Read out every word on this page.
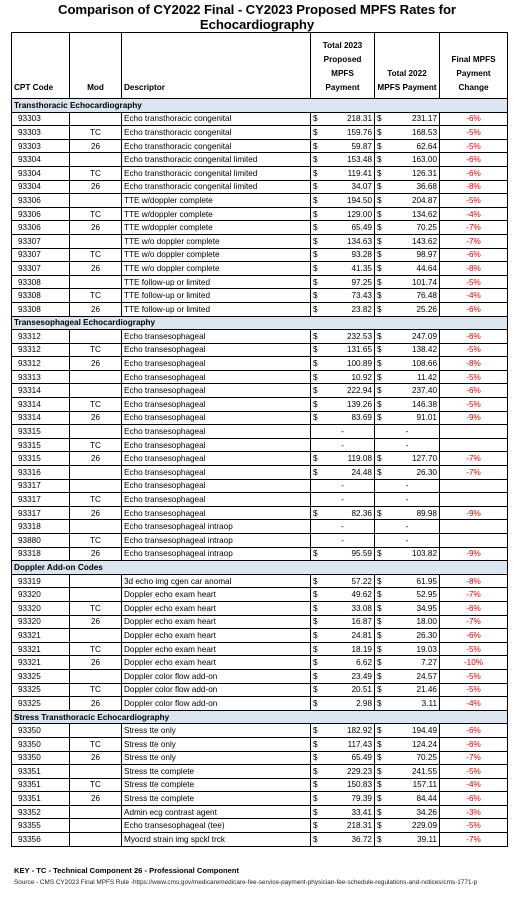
Comparison of CY2022 Final - CY2023 Proposed MPFS Rates for Echocardiography
CPT Code	Mod	Descriptor	Total 2023 Proposed MPFS Payment	Total 2022 MPFS Payment	Final MPFS Payment Change
Transthoracic Echocardiography					
93303		Echo transthoracic congenital	$ 218.31	$ 231.17	-6%
93303	TC	Echo transthoracic congenital	$ 159.76	$ 168.53	-5%
93303	26	Echo transthoracic congenital	$ 59.87	$ 62.64	-5%
93304		Echo transthoracic congenital limited	$ 153.48	$ 163.00	-6%
93304	TC	Echo transthoracic congenital limited	$ 119.41	$ 126.31	-6%
93304	26	Echo transthoracic congenital limited	$ 34.07	$ 36.68	-8%
93306		TTE w/doppler complete	$ 194.50	$ 204.87	-5%
93306	TC	TTE w/doppler complete	$ 129.00	$ 134.62	-4%
93306	26	TTE w/doppler complete	$ 65.49	$ 70.25	-7%
93307		TTE w/o doppler complete	$ 134.63	$ 143.62	-7%
93307	TC	TTE w/o doppler complete	$ 93.28	$ 98.97	-6%
93307	26	TTE w/o doppler complete	$ 41.35	$ 44.64	-8%
93308		TTE follow-up or limited	$ 97.25	$ 101.74	-5%
93308	TC	TTE follow-up or limited	$ 73.43	$ 76.48	-4%
93308	26	TTE follow-up or limited	$ 23.82	$ 25.26	-6%
Transesophageal Echocardiography					
93312		Echo transesophageal	$ 232.53	$ 247.09	-6%
93312	TC	Echo transesophageal	$ 131.65	$ 138.42	-5%
93312	26	Echo transesophageal	$ 100.89	$ 108.66	-8%
93313		Echo transesophageal	$ 10.92	$ 11.42	-5%
93314		Echo transesophageal	$ 222.94	$ 237.40	-6%
93314	TC	Echo transesophageal	$ 139.26	$ 146.38	-5%
93314	26	Echo transesophageal	$ 83.69	$ 91.01	-9%
93315		Echo transesophageal	-	-	
93315	TC	Echo transesophageal	-	-	
93315	26	Echo transesophageal	$ 119.08	$ 127.70	-7%
93316		Echo transesophageal	$ 24.48	$ 26.30	-7%
93317		Echo transesophageal	-	-	
93317	TC	Echo transesophageal	-	-	
93317	26	Echo transesophageal	$ 82.36	$ 89.98	-9%
93318		Echo transesophageal intraop	-	-	
93880	TC	Echo transesophageal intraop	-	-	
93318	26	Echo transesophageal intraop	$ 95.59	$ 103.82	-9%
Doppler Add-on Codes					
93319		3d echo img cgen car anomal	$ 57.22	$ 61.95	-8%
93320		Doppler echo exam heart	$ 49.62	$ 52.95	-7%
93320	TC	Doppler echo exam heart	$ 33.08	$ 34.95	-6%
93320	26	Doppler echo exam heart	$ 16.87	$ 18.00	-7%
93321		Doppler echo exam heart	$ 24.81	$ 26.30	-6%
93321	TC	Doppler echo exam heart	$ 18.19	$ 19.03	-5%
93321	26	Doppler echo exam heart	$ 6.62	$ 7.27	-10%
93325		Doppler color flow add-on	$ 23.49	$ 24.57	-5%
93325	TC	Doppler color flow add-on	$ 20.51	$ 21.46	-5%
93325	26	Doppler color flow add-on	$ 2.98	$ 3.11	-4%
Stress Transthoracic Echocardiography					
93350		Stress tte only	$ 182.92	$ 194.49	-6%
93350	TC	Stress tte only	$ 117.43	$ 124.24	-6%
93350	26	Stress tte only	$ 65.49	$ 70.25	-7%
93351		Stress tte complete	$ 229.23	$ 241.55	-5%
93351	TC	Stress tte complete	$ 150.83	$ 157.11	-4%
93351	26	Stress tte complete	$ 79.39	$ 84.44	-6%
93352		Admin ecg contrast agent	$ 33.41	$ 34.26	-3%
93355		Echo transesophageal (tee)	$ 218.31	$ 229.09	-5%
93356		Myocrd strain img spckl trck	$ 36.72	$ 39.11	-7%
KEY - TC - Technical Component 26 - Professional Component
Source - CMS CY2023 Final MPFS Rule -https://www.cms.gov/medicaremedicare-fee-service-payment-physician-fee-schedule-regulations-and-notices/cms-1771-p
